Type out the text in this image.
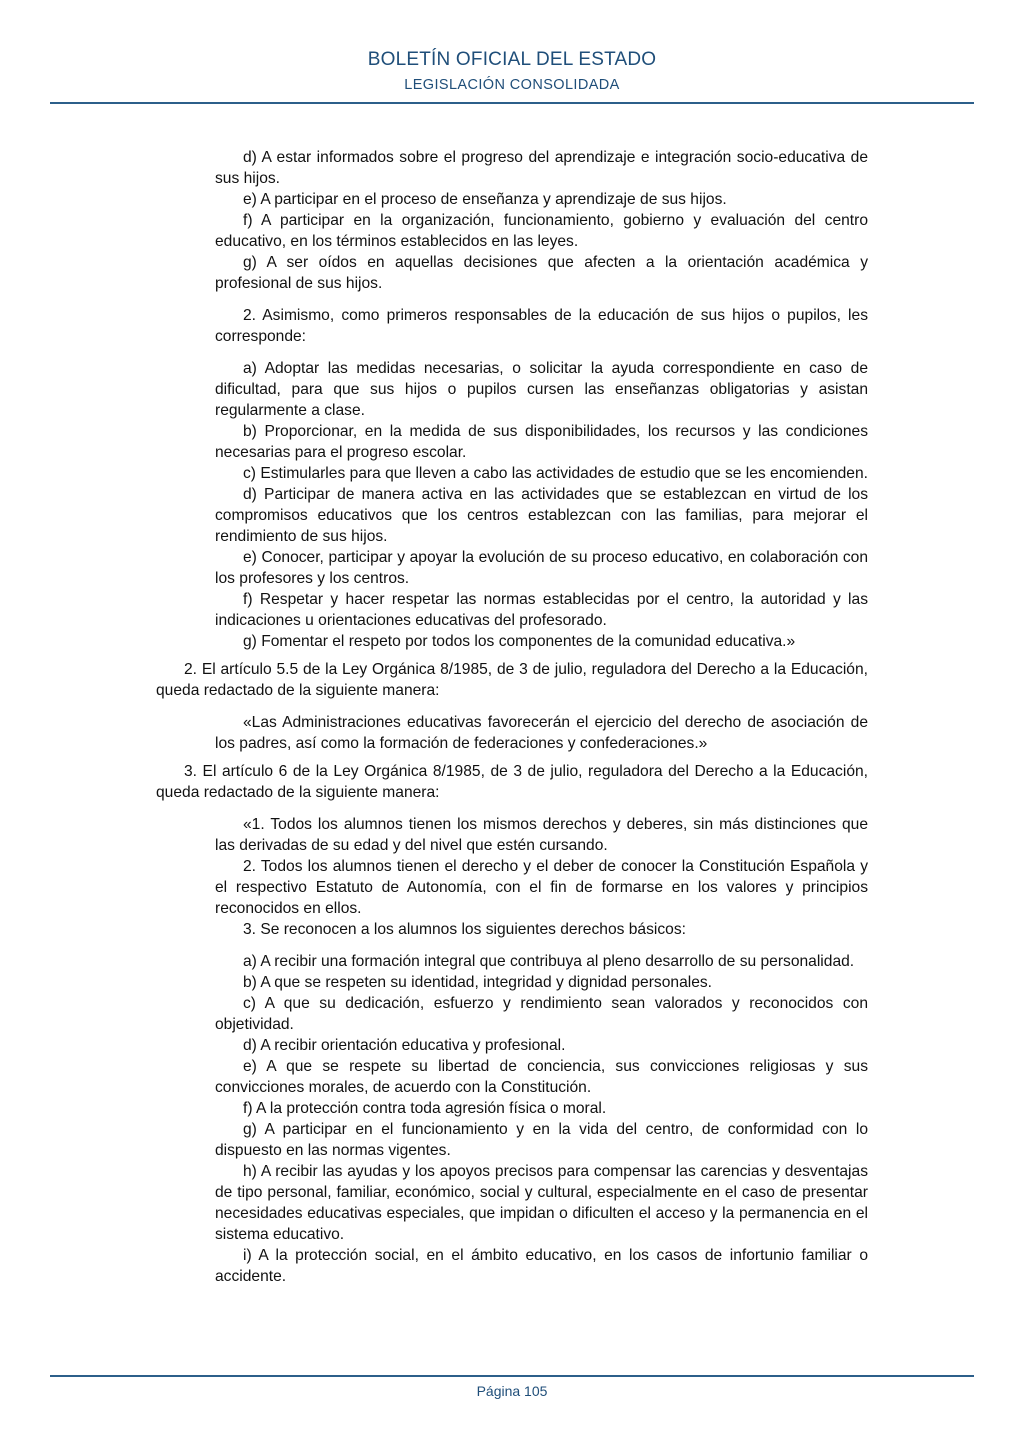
BOLETÍN OFICIAL DEL ESTADO
LEGISLACIÓN CONSOLIDADA

d) A estar informados sobre el progreso del aprendizaje e integración socio-educativa de sus hijos.

e) A participar en el proceso de enseñanza y aprendizaje de sus hijos.

f) A participar en la organización, funcionamiento, gobierno y evaluación del centro educativo, en los términos establecidos en las leyes.

g) A ser oídos en aquellas decisiones que afecten a la orientación académica y profesional de sus hijos.

2. Asimismo, como primeros responsables de la educación de sus hijos o pupilos, les corresponde:

a) Adoptar las medidas necesarias, o solicitar la ayuda correspondiente en caso de dificultad, para que sus hijos o pupilos cursen las enseñanzas obligatorias y asistan regularmente a clase.

b) Proporcionar, en la medida de sus disponibilidades, los recursos y las condiciones necesarias para el progreso escolar.

c) Estimularles para que lleven a cabo las actividades de estudio que se les encomienden.

d) Participar de manera activa en las actividades que se establezcan en virtud de los compromisos educativos que los centros establezcan con las familias, para mejorar el rendimiento de sus hijos.

e) Conocer, participar y apoyar la evolución de su proceso educativo, en colaboración con los profesores y los centros.

f) Respetar y hacer respetar las normas establecidas por el centro, la autoridad y las indicaciones u orientaciones educativas del profesorado.

g) Fomentar el respeto por todos los componentes de la comunidad educativa.»

2. El artículo 5.5 de la Ley Orgánica 8/1985, de 3 de julio, reguladora del Derecho a la Educación, queda redactado de la siguiente manera:

«Las Administraciones educativas favorecerán el ejercicio del derecho de asociación de los padres, así como la formación de federaciones y confederaciones.»

3. El artículo 6 de la Ley Orgánica 8/1985, de 3 de julio, reguladora del Derecho a la Educación, queda redactado de la siguiente manera:

«1. Todos los alumnos tienen los mismos derechos y deberes, sin más distinciones que las derivadas de su edad y del nivel que estén cursando.

2. Todos los alumnos tienen el derecho y el deber de conocer la Constitución Española y el respectivo Estatuto de Autonomía, con el fin de formarse en los valores y principios reconocidos en ellos.

3. Se reconocen a los alumnos los siguientes derechos básicos:

a) A recibir una formación integral que contribuya al pleno desarrollo de su personalidad.

b) A que se respeten su identidad, integridad y dignidad personales.

c) A que su dedicación, esfuerzo y rendimiento sean valorados y reconocidos con objetividad.

d) A recibir orientación educativa y profesional.

e) A que se respete su libertad de conciencia, sus convicciones religiosas y sus convicciones morales, de acuerdo con la Constitución.

f) A la protección contra toda agresión física o moral.

g) A participar en el funcionamiento y en la vida del centro, de conformidad con lo dispuesto en las normas vigentes.

h) A recibir las ayudas y los apoyos precisos para compensar las carencias y desventajas de tipo personal, familiar, económico, social y cultural, especialmente en el caso de presentar necesidades educativas especiales, que impidan o dificulten el acceso y la permanencia en el sistema educativo.

i) A la protección social, en el ámbito educativo, en los casos de infortunio familiar o accidente.

Página 105
